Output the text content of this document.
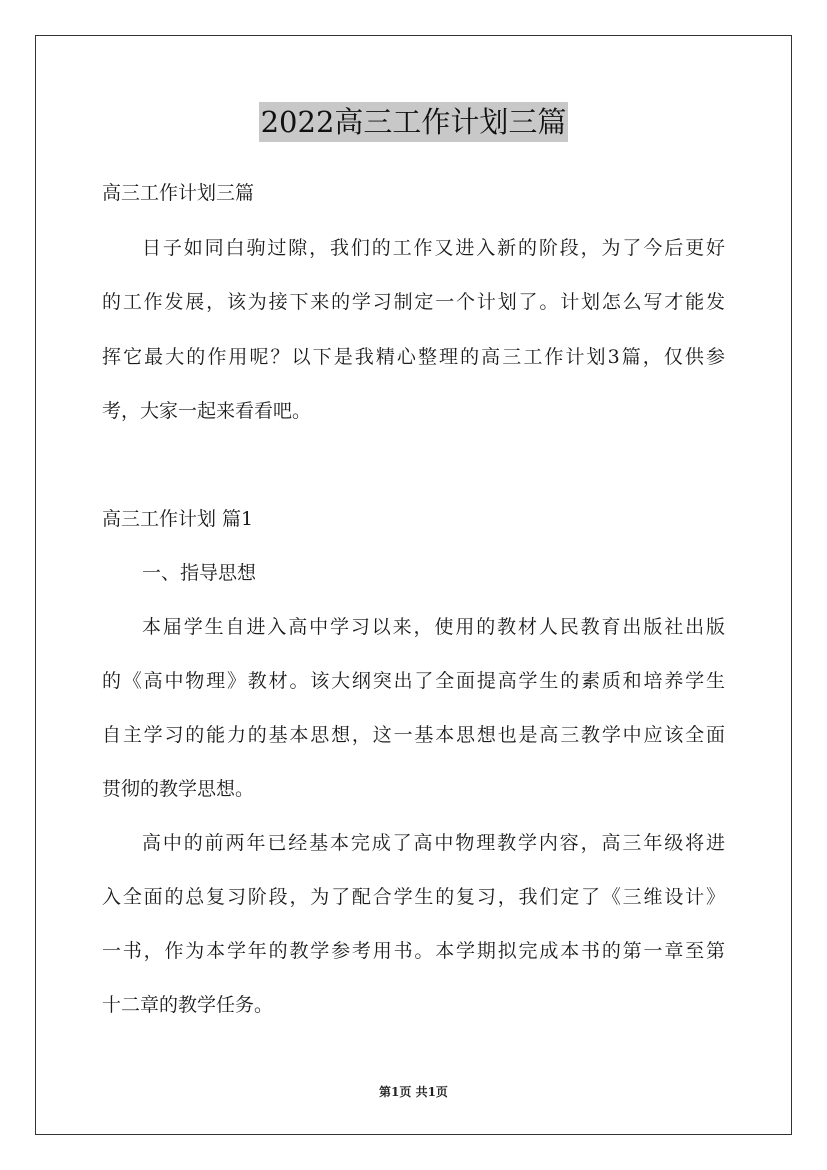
2022高三工作计划三篇
高三工作计划三篇
日子如同白驹过隙，我们的工作又进入新的阶段，为了今后更好
的工作发展，该为接下来的学习制定一个计划了。计划怎么写才能发
挥它最大的作用呢？以下是我精心整理的高三工作计划3篇，仅供参
考，大家一起来看看吧。
高三工作计划 篇1
一、指导思想
本届学生自进入高中学习以来，使用的教材人民教育出版社出版
的《高中物理》教材。该大纲突出了全面提高学生的素质和培养学生
自主学习的能力的基本思想，这一基本思想也是高三教学中应该全面
贯彻的教学思想。
高中的前两年已经基本完成了高中物理教学内容，高三年级将进
入全面的总复习阶段，为了配合学生的复习，我们定了《三维设计》
一书，作为本学年的教学参考用书。本学期拟完成本书的第一章至第
十二章的教学任务。
第1页 共1页
